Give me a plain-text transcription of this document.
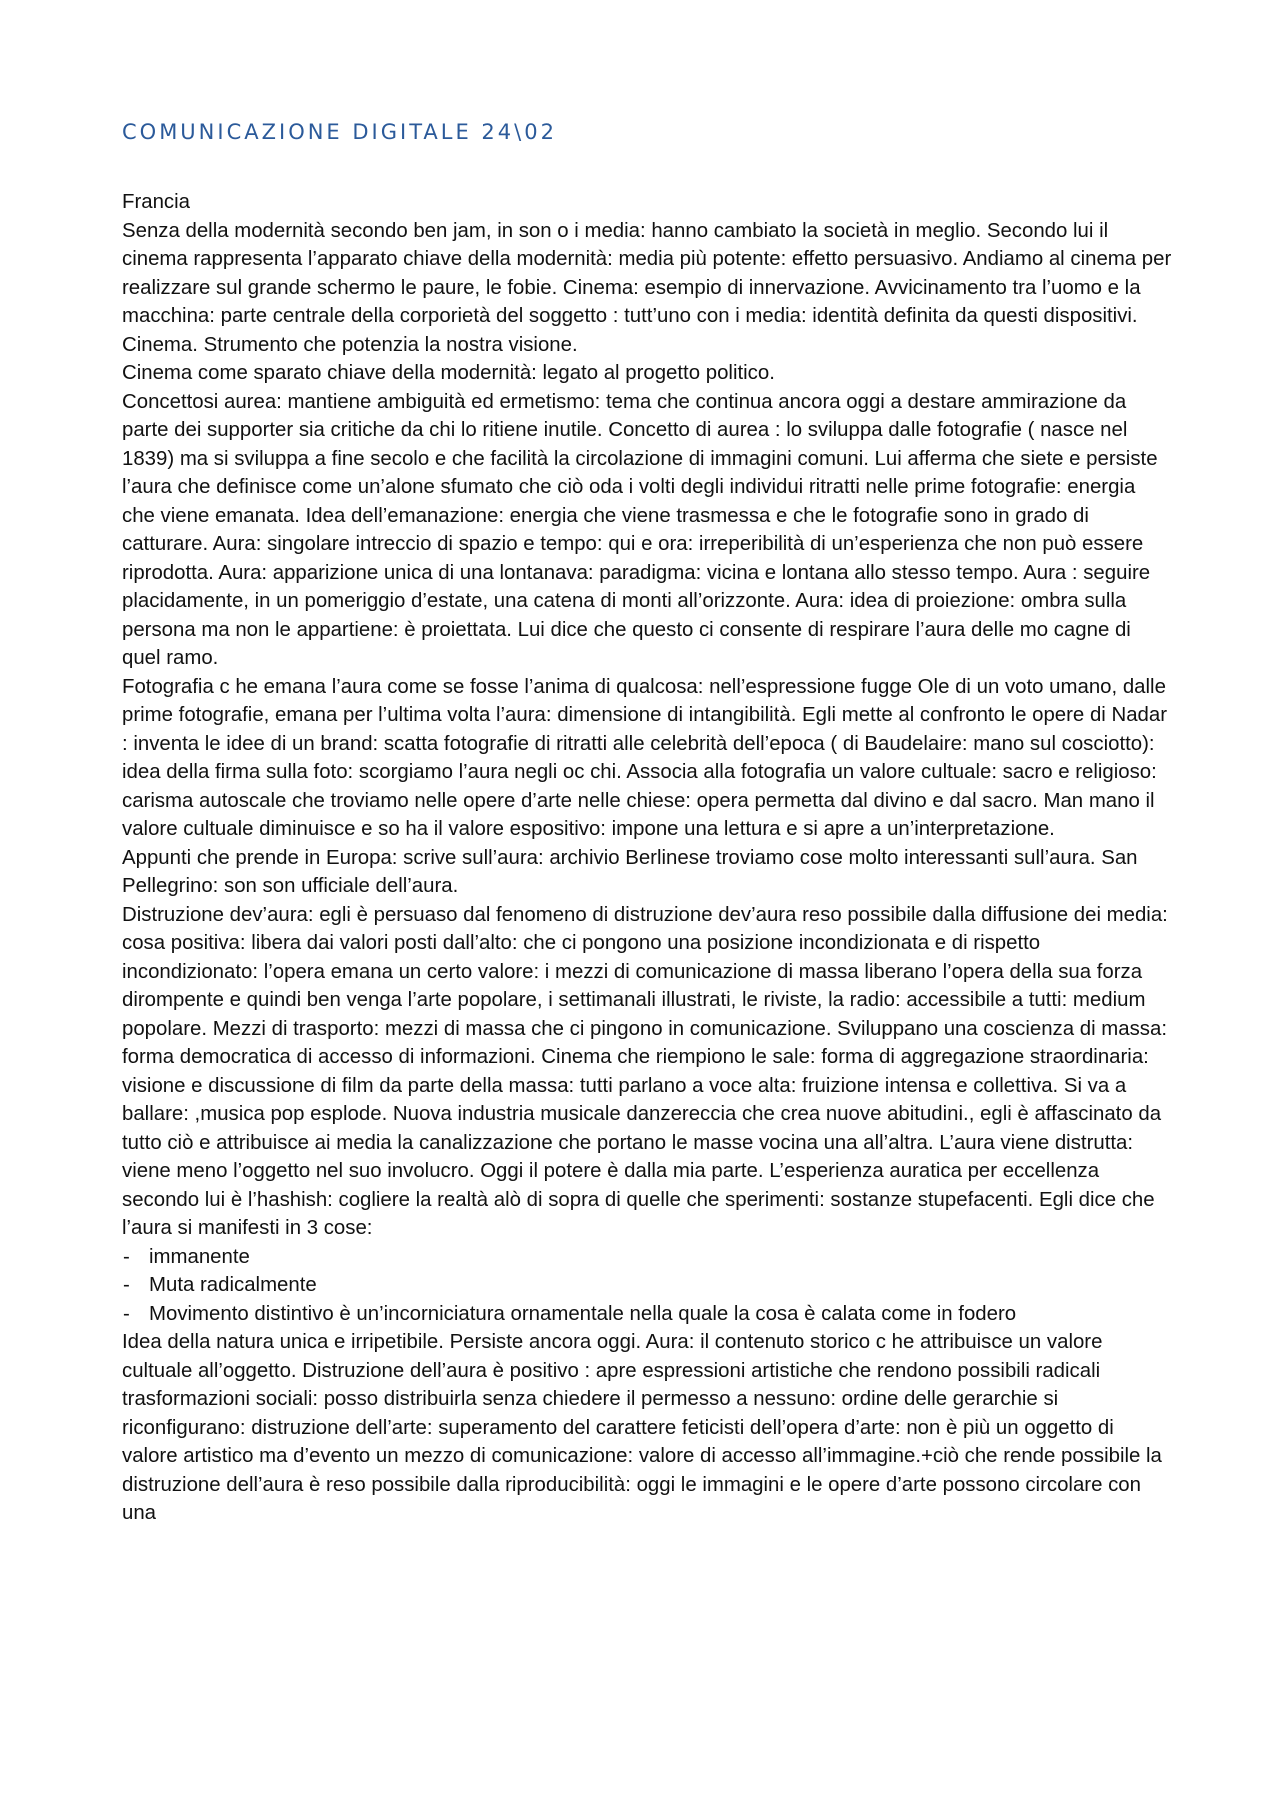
COMUNICAZIONE DIGITALE 24\02

Francia

Senza della modernità secondo ben jam, in son o i media: hanno cambiato la società in meglio. Secondo lui il cinema rappresenta l’apparato chiave della modernità: media più potente: effetto persuasivo. Andiamo al cinema per realizzare sul grande schermo le paure, le fobie. Cinema: esempio di innervazione. Avvicinamento tra l’uomo e la macchina: parte centrale della corporietà del soggetto : tutt’uno con i media: identità definita da questi dispositivi. Cinema. Strumento che potenzia la nostra visione.

Cinema come sparato chiave della modernità: legato al progetto politico.

Concettosi aurea: mantiene ambiguità ed ermetismo: tema che continua ancora oggi a destare ammirazione da parte dei supporter sia critiche da chi lo ritiene inutile. Concetto di aurea : lo sviluppa dalle fotografie ( nasce nel 1839) ma si sviluppa a fine secolo e che facilità la circolazione di immagini comuni. Lui afferma che siete e persiste l’aura che definisce come un’alone sfumato che ciò oda i volti degli individui ritratti nelle prime fotografie: energia che viene emanata. Idea dell’emanazione: energia che viene trasmessa e che le fotografie sono in grado di catturare. Aura: singolare intreccio di spazio e tempo: qui e ora: irreperibilità di un’esperienza che non può essere riprodotta. Aura: apparizione unica di una lontanava: paradigma: vicina e lontana allo stesso tempo. Aura : seguire placidamente, in un pomeriggio d’estate, una catena di monti all’orizzonte. Aura: idea di proiezione: ombra sulla persona ma non le appartiene: è proiettata. Lui dice che questo ci consente di respirare l’aura delle mo cagne di quel ramo.

Fotografia c he emana l’aura come se fosse l’anima di qualcosa: nell’espressione fugge Ole di un voto umano, dalle prime fotografie, emana per l’ultima volta l’aura: dimensione di intangibilità. Egli mette al confronto le opere di Nadar : inventa le idee di un brand: scatta fotografie di ritratti alle celebrità dell’epoca ( di Baudelaire: mano sul cosciotto): idea della firma sulla foto: scorgiamo l’aura negli oc chi. Associa alla fotografia un valore cultuale: sacro e religioso: carisma autoscale che troviamo nelle opere d’arte nelle chiese: opera permetta dal divino e dal sacro. Man mano il valore cultuale diminuisce e so ha il valore espositivo: impone una lettura e si apre a un’interpretazione.

Appunti che prende in Europa: scrive sull’aura: archivio Berlinese troviamo cose molto interessanti sull’aura. San Pellegrino: son son ufficiale dell’aura.

Distruzione dev’aura: egli è persuaso dal fenomeno di distruzione dev’aura reso possibile dalla diffusione dei media: cosa positiva: libera dai valori posti dall’alto: che ci pongono una posizione incondizionata e di rispetto incondizionato: l’opera emana un certo valore: i mezzi di comunicazione di massa liberano l’opera della sua forza dirompente e quindi ben venga l’arte popolare, i settimanali illustrati, le riviste, la radio: accessibile a tutti: medium popolare. Mezzi di trasporto: mezzi di massa che ci pingono in comunicazione. Sviluppano una coscienza di massa: forma democratica di accesso di informazioni. Cinema che riempiono le sale: forma di aggregazione straordinaria: visione e discussione di film da parte della massa: tutti parlano a voce alta: fruizione intensa e collettiva. Si va a ballare: ,musica pop esplode. Nuova industria musicale danzereccia che crea nuove abitudini., egli è affascinato da tutto ciò e attribuisce ai media la canalizzazione che portano le masse vocina una all’altra. L’aura viene distrutta: viene meno l’oggetto nel suo involucro. Oggi il potere è dalla mia parte. L’esperienza auratica per eccellenza secondo lui è l’hashish: cogliere la realtà alò di sopra di quelle che sperimenti: sostanze stupefacenti. Egli dice che l’aura si manifesti in 3 cose:

- immanente
- Muta radicalmente
- Movimento distintivo è un’incorniciatura ornamentale nella quale la cosa è calata come in fodero

Idea della natura unica e irripetibile. Persiste ancora oggi. Aura: il contenuto storico c he attribuisce un valore cultuale all’oggetto. Distruzione dell’aura è positivo : apre espressioni artistiche che rendono possibili radicali trasformazioni sociali: posso distribuirla senza chiedere il permesso a nessuno: ordine delle gerarchie si riconfigurano: distruzione dell’arte: superamento del carattere feticisti dell’opera d’arte: non è più un oggetto di valore artistico ma d’evento un mezzo di comunicazione: valore di accesso all’immagine.+ciò che rende possibile la distruzione dell’aura è reso possibile dalla riproducibilità: oggi le immagini e le opere d’arte possono circolare con una
